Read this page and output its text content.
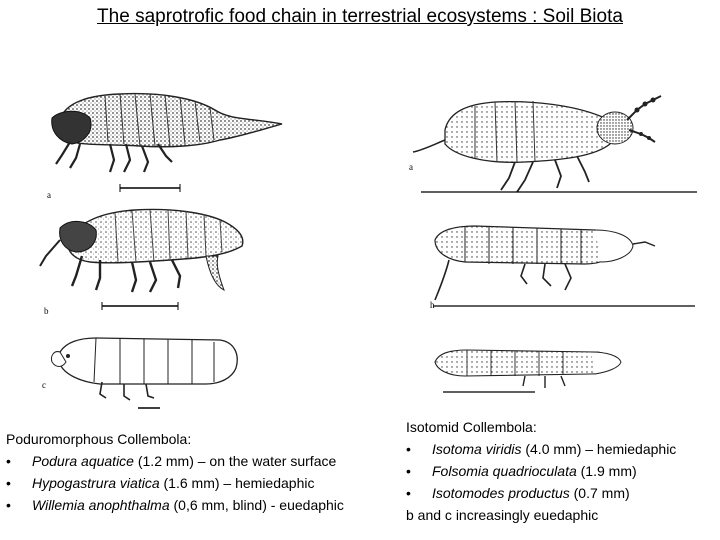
The saprotrofic food chain in terrestrial ecosystems : Soil Biota
a
b
c
a
h
Poduromorphous Collembola:
• Podura aquatice (1.2 mm) – on the water surface
• Hypogastrura viatica (1.6 mm) – hemiedaphic
• Willemia anophthalma (0,6 mm, blind) - euedaphic
Isotomid Collembola:
• Isotoma viridis (4.0 mm) – hemiedaphic
• Folsomia quadrioculata (1.9 mm)
• Isotomodes productus (0.7 mm)
b and c increasingly euedaphic
